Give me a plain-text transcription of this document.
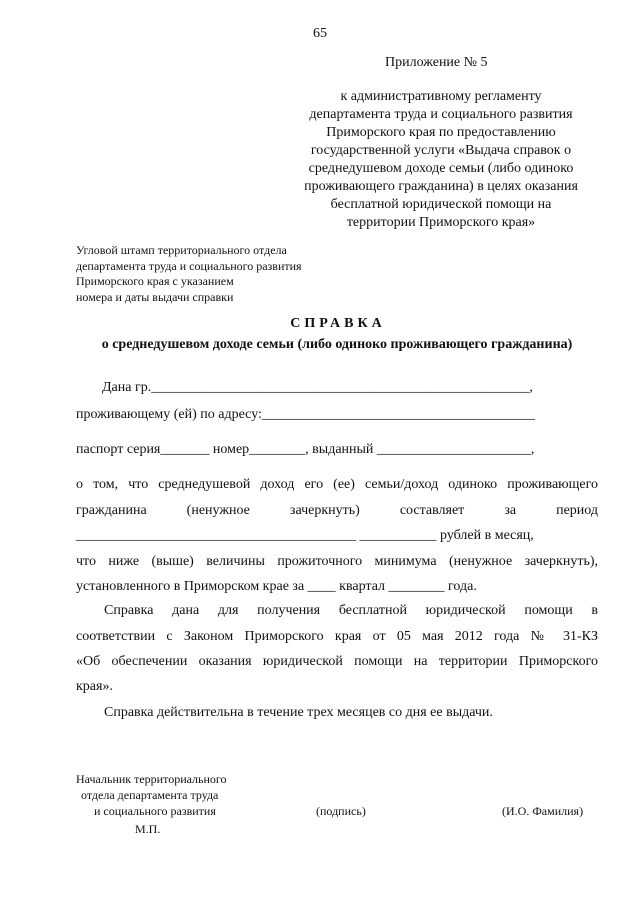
65
Приложение № 5
к административному регламенту
департамента труда и социального развития
Приморского края по предоставлению
государственной услуги «Выдача справок о
среднедушевом доходе семьи (либо одиноко
проживающего гражданина) в целях оказания
бесплатной юридической помощи на
территории Приморского края»
Угловой штамп территориального отдела
департамента труда и социального развития
Приморского края с указанием
номера и даты выдачи справки
СПРАВКА
о среднедушевом доходе семьи (либо одиноко проживающего гражданина)
Дана гр.______________________________________________________,
проживающему (ей) по адресу:_______________________________________
паспорт серия_______ номер________, выданный ______________________,
о том, что среднедушевой доход его (ее) семьи/доход одиноко проживающего
гражданина (ненужное зачеркнуть) составляет за период
________________________________________ ___________ рублей в месяц,
что ниже (выше) величины прожиточного минимума (ненужное зачеркнуть),
установленного в Приморском крае за ____ квартал ________ года.
Справка дана для получения бесплатной юридической помощи в
соответствии с Законом Приморского края от 05 мая 2012 года № 31-КЗ
«Об обеспечении оказания юридической помощи на территории Приморского
края».
Справка действительна в течение трех месяцев со дня ее выдачи.
Начальник территориального
отдела департамента труда
и социального развития	(подпись)	(И.О. Фамилия)
М.П.
